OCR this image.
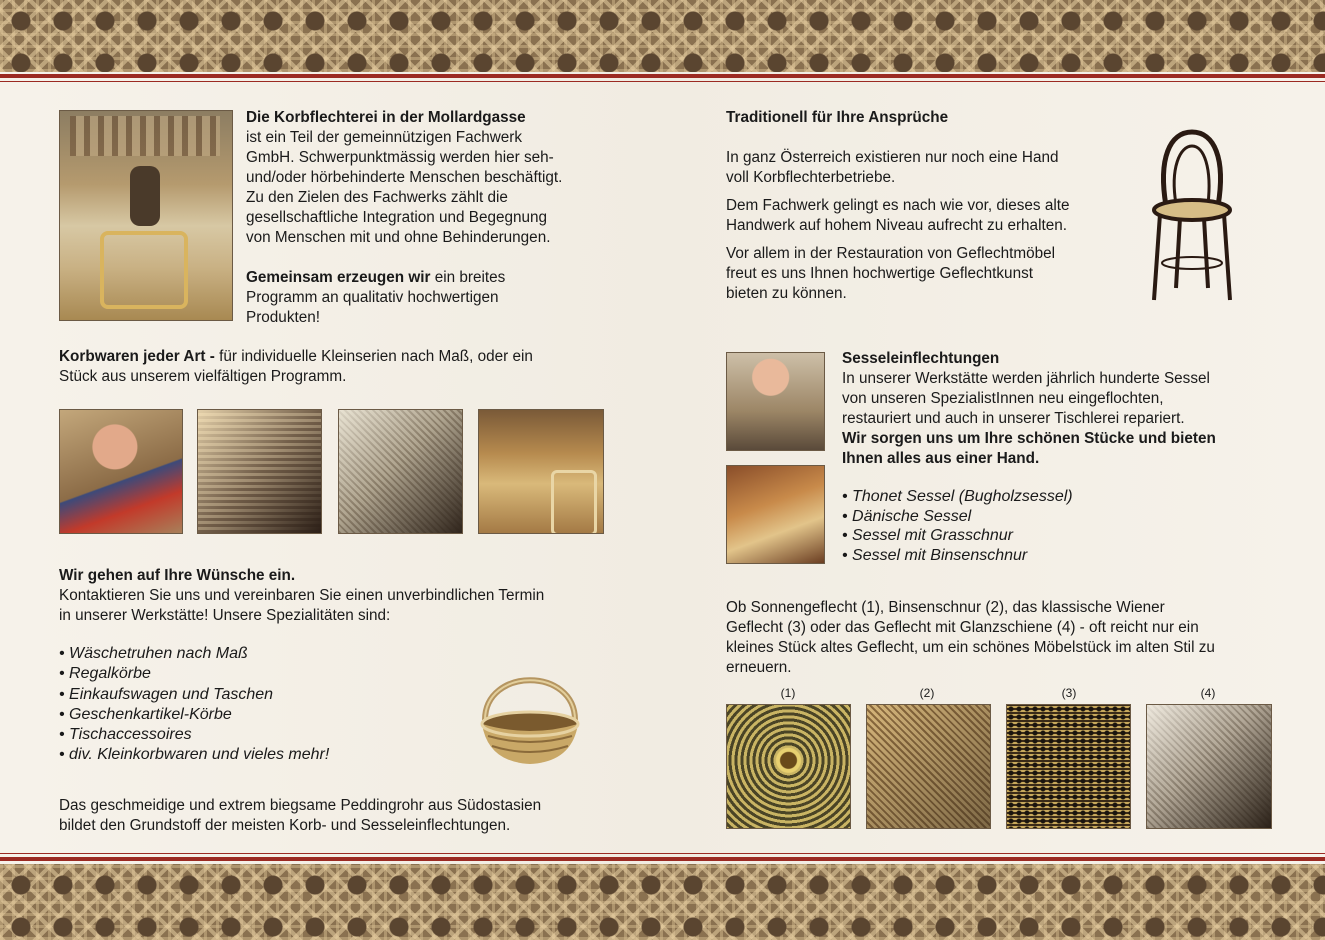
Die Korbflechterei in der Mollardgasse

ist ein Teil der gemeinnützigen Fachwerk

GmbH. Schwerpunktmässig werden hier seh-

und/oder hörbehinderte Menschen beschäftigt.

Zu den Zielen des Fachwerks zählt die

gesellschaftliche Integration und Begegnung

von Menschen mit und ohne Behinderungen.

Gemeinsam erzeugen wir ein breites

Programm an qualitativ hochwertigen

Produkten!

Korbwaren jeder Art - für individuelle Kleinserien nach Maß, oder ein

Stück aus unserem vielfältigen Programm.

Wir gehen auf Ihre Wünsche ein.

Kontaktieren Sie uns und vereinbaren Sie einen unverbindlichen Termin

in unserer Werkstätte! Unsere Spezialitäten sind:

• Wäschetruhen nach Maß
• Regalkörbe
• Einkaufswagen und Taschen
• Geschenkartikel-Körbe
• Tischaccessoires
• div. Kleinkorbwaren und vieles mehr!

Das geschmeidige und extrem biegsame Peddingrohr aus Südostasien

bildet den Grundstoff der meisten Korb- und Sesseleinflechtungen.

Traditionell für Ihre Ansprüche

In ganz Österreich existieren nur noch eine Hand

voll Korbflechterbetriebe.

Dem Fachwerk gelingt es nach wie vor, dieses alte

Handwerk auf hohem Niveau aufrecht zu erhalten.

Vor allem in der Restauration von Geflechtmöbel

freut es uns Ihnen hochwertige Geflechtkunst

bieten zu können.

Sesseleinflechtungen

In unserer Werkstätte werden jährlich hunderte Sessel

von unseren SpezialistInnen neu eingeflochten,

restauriert und auch in unserer Tischlerei repariert.

Wir sorgen uns um Ihre schönen Stücke und bieten

Ihnen alles aus einer Hand.

• Thonet Sessel (Bugholzsessel)
• Dänische Sessel
• Sessel mit Grasschnur
• Sessel mit Binsenschnur

Ob Sonnengeflecht (1), Binsenschnur (2), das klassische Wiener

Geflecht (3) oder das Geflecht mit Glanzschiene (4) - oft reicht nur ein

kleines Stück altes Geflecht, um ein schönes Möbelstück im alten Stil zu

erneuern.

(1)	(2)	(3)	(4)
